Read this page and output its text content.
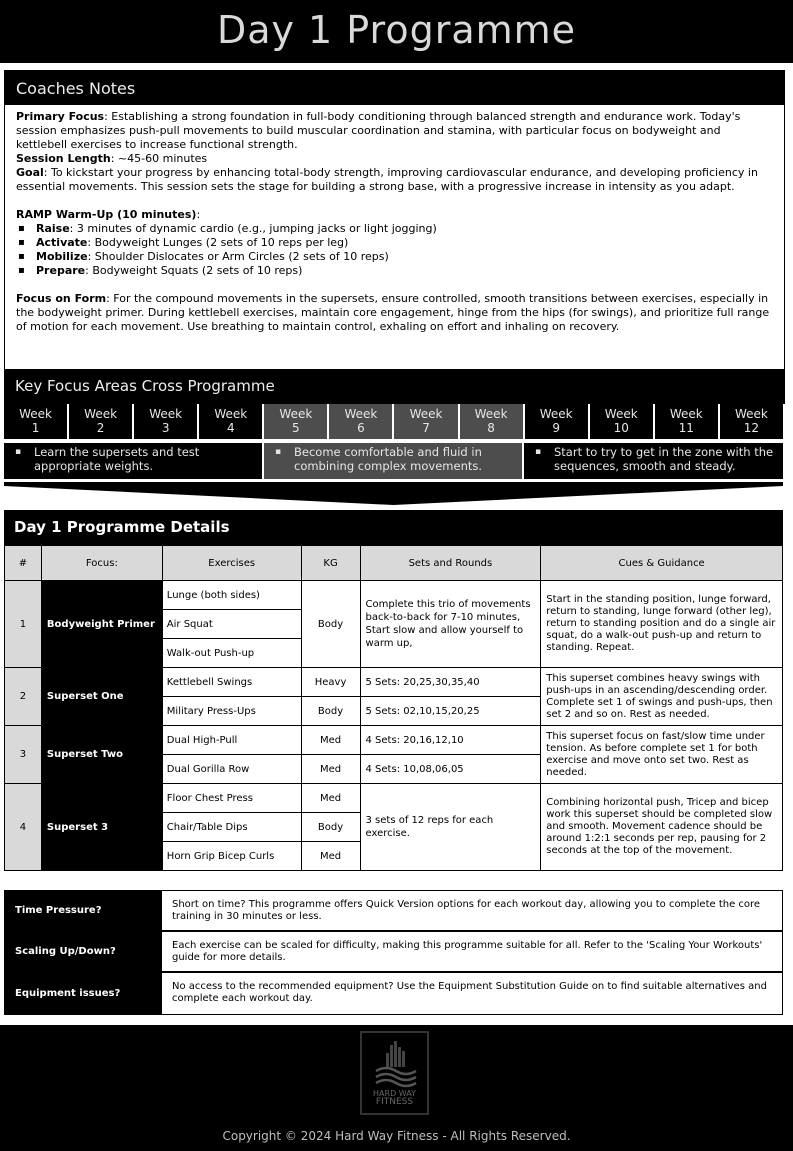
Day 1 Programme
Coaches Notes

Primary Focus: Establishing a strong foundation in full-body conditioning through balanced strength and endurance work. Today's session emphasizes push-pull movements to build muscular coordination and stamina, with particular focus on bodyweight and kettlebell exercises to increase functional strength.

Session Length: ~45-60 minutes

Goal: To kickstart your progress by enhancing total-body strength, improving cardiovascular endurance, and developing proficiency in essential movements. This session sets the stage for building a strong base, with a progressive increase in intensity as you adapt.

RAMP Warm-Up (10 minutes):

▪ Raise: 3 minutes of dynamic cardio (e.g., jumping jacks or light jogging)
▪ Activate: Bodyweight Lunges (2 sets of 10 reps per leg)
▪ Mobilize: Shoulder Dislocates or Arm Circles (2 sets of 10 reps)
▪ Prepare: Bodyweight Squats (2 sets of 10 reps)

Focus on Form: For the compound movements in the supersets, ensure controlled, smooth transitions between exercises, especially in the bodyweight primer. During kettlebell exercises, maintain core engagement, hinge from the hips (for swings), and prioritize full range of motion for each movement. Use breathing to maintain control, exhaling on effort and inhaling on recovery.

Key Focus Areas Cross Programme
Week
1
Week
2
Week
3
Week
4
Week
5
Week
6
Week
7
Week
8
Week
9
Week
10
Week
11
Week
12
▪ Learn the supersets and test appropriate weights.
▪ Become comfortable and fluid in combining complex movements.
▪ Start to try to get in the zone with the sequences, smooth and steady.
Day 1 Programme Details
#	Focus:	Exercises	KG	Sets and Rounds	Cues & Guidance
1	Bodyweight Primer	Lunge (both sides)	Body	Complete this trio of movements back-to-back for 7-10 minutes, Start slow and allow yourself to warm up,	Start in the standing position, lunge forward, return to standing, lunge forward (other leg), return to standing position and do a single air squat, do a walk-out push-up and return to standing. Repeat.
		Air Squat			
		Walk-out Push-up			
2	Superset One	Kettlebell Swings	Heavy	5 Sets: 20,25,30,35,40	This superset combines heavy swings with push-ups in an ascending/descending order. Complete set 1 of swings and push-ups, then set 2 and so on. Rest as needed.
		Military Press-Ups	Body	5 Sets: 02,10,15,20,25	
3	Superset Two	Dual High-Pull	Med	4 Sets: 20,16,12,10	This superset focus on fast/slow time under tension. As before complete set 1 for both exercise and move onto set two. Rest as needed.
		Dual Gorilla Row	Med	4 Sets: 10,08,06,05	
4	Superset 3	Floor Chest Press	Med	3 sets of 12 reps for each exercise.	Combining horizontal push, Tricep and bicep work this superset should be completed slow and smooth. Movement cadence should be around 1:2:1 seconds per rep, pausing for 2 seconds at the top of the movement.
		Chair/Table Dips	Body		
		Horn Grip Bicep Curls	Med		
Time Pressure?
Short on time? This programme offers Quick Version options for each workout day, allowing you to complete the core training in 30 minutes or less.
Scaling Up/Down?
Each exercise can be scaled for difficulty, making this programme suitable for all. Refer to the 'Scaling Your Workouts' guide for more details.
Equipment issues?
No access to the recommended equipment? Use the Equipment Substitution Guide on to find suitable alternatives and complete each workout day.
HARD WAY
FITNESS
Copyright © 2024 Hard Way Fitness - All Rights Reserved.
